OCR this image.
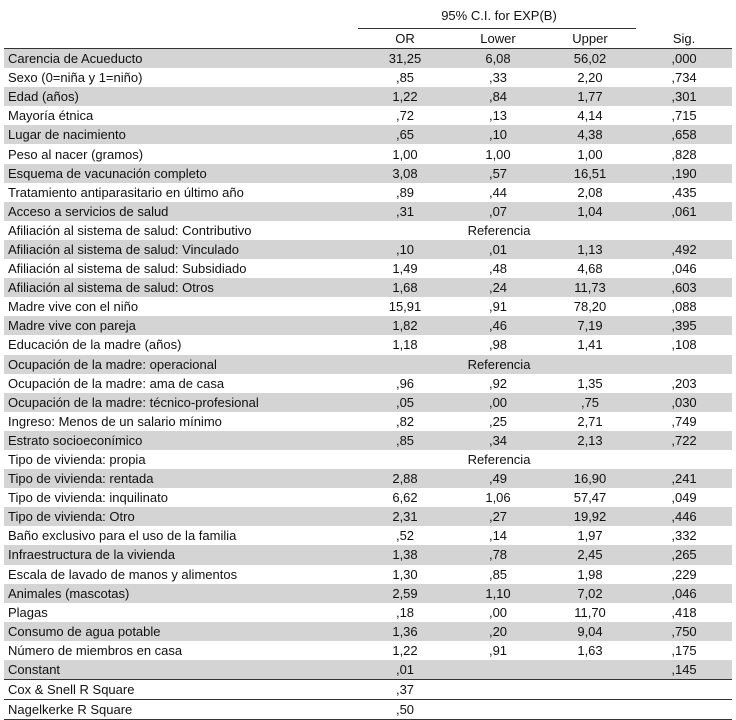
	95% C.I. for EXP(B)			
	OR	Lower	Upper	Sig.
Carencia de Acueducto	31,25	6,08	56,02	,000
Sexo (0=niña y 1=niño)	,85	,33	2,20	,734
Edad (años)	1,22	,84	1,77	,301
Mayoría étnica	,72	,13	4,14	,715
Lugar de nacimiento	,65	,10	4,38	,658
Peso al nacer (gramos)	1,00	1,00	1,00	,828
Esquema de vacunación completo	3,08	,57	16,51	,190
Tratamiento antiparasitario en último año	,89	,44	2,08	,435
Acceso a servicios de salud	,31	,07	1,04	,061
Afiliación al sistema de salud: Contributivo	Referencia			
Afiliación al sistema de salud: Vinculado	,10	,01	1,13	,492
Afiliación al sistema de salud: Subsidiado	1,49	,48	4,68	,046
Afiliación al sistema de salud: Otros	1,68	,24	11,73	,603
Madre vive con el niño	15,91	,91	78,20	,088
Madre vive con pareja	1,82	,46	7,19	,395
Educación de la madre (años)	1,18	,98	1,41	,108
Ocupación de la madre: operacional	Referencia			
Ocupación de la madre: ama de casa	,96	,92	1,35	,203
Ocupación de la madre: técnico-profesional	,05	,00	,75	,030
Ingreso: Menos de un salario mínimo	,82	,25	2,71	,749
Estrato socioeconímico	,85	,34	2,13	,722
Tipo de vivienda: propia	Referencia			
Tipo de vivienda: rentada	2,88	,49	16,90	,241
Tipo de vivienda: inquilinato	6,62	1,06	57,47	,049
Tipo de vivienda: Otro	2,31	,27	19,92	,446
Baño exclusivo para el uso de la familia	,52	,14	1,97	,332
Infraestructura de la vivienda	1,38	,78	2,45	,265
Escala de lavado de manos y alimentos	1,30	,85	1,98	,229
Animales (mascotas)	2,59	1,10	7,02	,046
Plagas	,18	,00	11,70	,418
Consumo de agua potable	1,36	,20	9,04	,750
Número de miembros en casa	1,22	,91	1,63	,175
Constant	,01			,145
Cox & Snell R Square	,37			
Nagelkerke R Square	,50			
